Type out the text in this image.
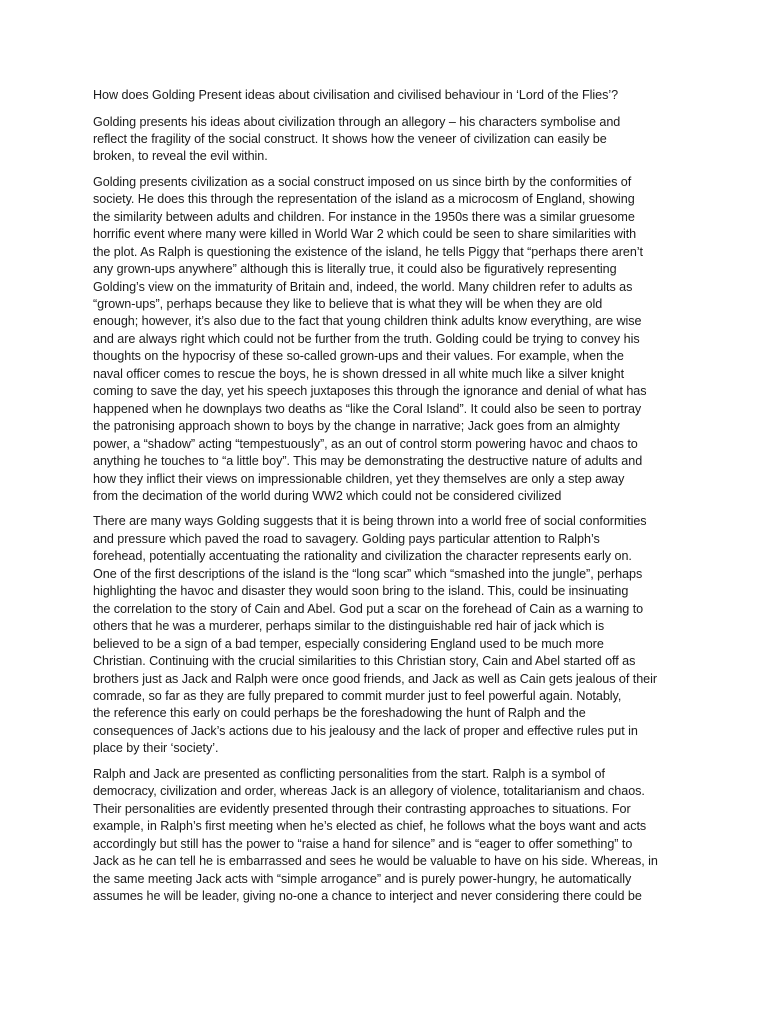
How does Golding Present ideas about civilisation and civilised behaviour in ‘Lord of the Flies’?

Golding presents his ideas about civilization through an allegory – his characters symbolise and
reflect the fragility of the social construct. It shows how the veneer of civilization can easily be
broken, to reveal the evil within.

Golding presents civilization as a social construct imposed on us since birth by the conformities of
society. He does this through the representation of the island as a microcosm of England, showing
the similarity between adults and children. For instance in the 1950s there was a similar gruesome
horrific event where many were killed in World War 2 which could be seen to share similarities with
the plot. As Ralph is questioning the existence of the island, he tells Piggy that “perhaps there aren’t
any grown-ups anywhere” although this is literally true, it could also be figuratively representing
Golding’s view on the immaturity of Britain and, indeed, the world. Many children refer to adults as
“grown-ups”, perhaps because they like to believe that is what they will be when they are old
enough; however, it’s also due to the fact that young children think adults know everything, are wise
and are always right which could not be further from the truth. Golding could be trying to convey his
thoughts on the hypocrisy of these so-called grown-ups and their values. For example, when the
naval officer comes to rescue the boys, he is shown dressed in all white much like a silver knight
coming to save the day, yet his speech juxtaposes this through the ignorance and denial of what has
happened when he downplays two deaths as “like the Coral Island”. It could also be seen to portray
the patronising approach shown to boys by the change in narrative; Jack goes from an almighty
power, a “shadow” acting “tempestuously”, as an out of control storm powering havoc and chaos to
anything he touches to “a little boy”. This may be demonstrating the destructive nature of adults and
how they inflict their views on impressionable children, yet they themselves are only a step away
from the decimation of the world during WW2 which could not be considered civilized

There are many ways Golding suggests that it is being thrown into a world free of social conformities
and pressure which paved the road to savagery. Golding pays particular attention to Ralph’s
forehead, potentially accentuating the rationality and civilization the character represents early on.
One of the first descriptions of the island is the “long scar” which “smashed into the jungle”, perhaps
highlighting the havoc and disaster they would soon bring to the island. This, could be insinuating
the correlation to the story of Cain and Abel. God put a scar on the forehead of Cain as a warning to
others that he was a murderer, perhaps similar to the distinguishable red hair of jack which is
believed to be a sign of a bad temper, especially considering England used to be much more
Christian. Continuing with the crucial similarities to this Christian story, Cain and Abel started off as
brothers just as Jack and Ralph were once good friends, and Jack as well as Cain gets jealous of their
comrade, so far as they are fully prepared to commit murder just to feel powerful again. Notably,
the reference this early on could perhaps be the foreshadowing the hunt of Ralph and the
consequences of Jack’s actions due to his jealousy and the lack of proper and effective rules put in
place by their ‘society’.

Ralph and Jack are presented as conflicting personalities from the start. Ralph is a symbol of
democracy, civilization and order, whereas Jack is an allegory of violence, totalitarianism and chaos.
Their personalities are evidently presented through their contrasting approaches to situations. For
example, in Ralph’s first meeting when he’s elected as chief, he follows what the boys want and acts
accordingly but still has the power to “raise a hand for silence” and is “eager to offer something” to
Jack as he can tell he is embarrassed and sees he would be valuable to have on his side. Whereas, in
the same meeting Jack acts with “simple arrogance” and is purely power-hungry, he automatically
assumes he will be leader, giving no-one a chance to interject and never considering there could be
